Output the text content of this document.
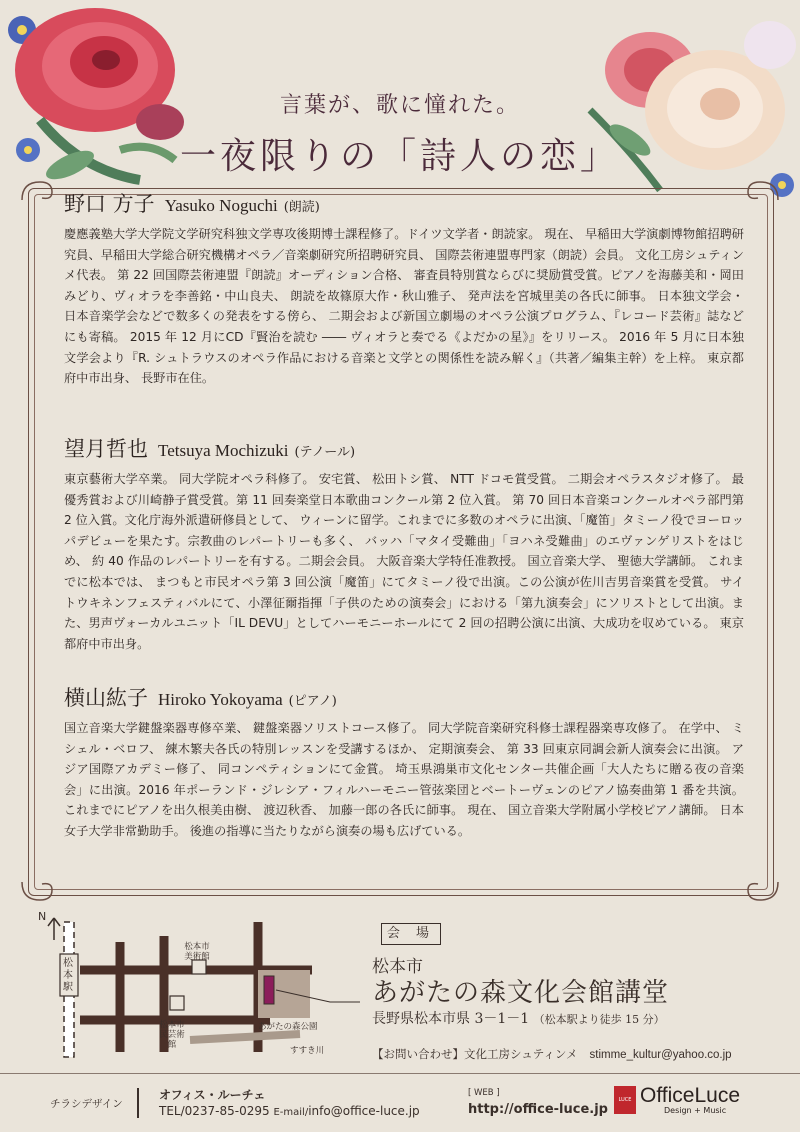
言葉が、歌に憧れた。
一夜限りの「詩人の恋」
野口 方子 Yasuko Noguchi (朗読)
慶應義塾大学大学院文学研究科独文学専攻後期博士課程修了。ドイツ文学者・朗読家。 現在、 早稲田大学演劇博物館招聘研究員、早稲田大学総合研究機構オペラ／音楽劇研究所招聘研究員、 国際芸術連盟専門家（朗読）会員。 文化工房シュティンメ代表。 第 22 回国際芸術連盟『朗読』オーディション合格、 審査員特別賞ならびに奨励賞受賞。ピアノを海藤美和・岡田みどり、ヴィオラを李善銘・中山良夫、 朗読を故篠原大作・秋山雅子、 発声法を宮城里美の各氏に師事。 日本独文学会・日本音楽学会などで数多くの発表をする傍ら、 二期会および新国立劇場のオペラ公演プログラム、『レコード芸術』誌などにも寄稿。 2015 年 12 月にCD『賢治を読む ―― ヴィオラと奏でる《よだかの星》』をリリース。 2016 年 5 月に日本独文学会より『R. シュトラウスのオペラ作品における音楽と文学との関係性を読み解く』（共著／編集主幹）を上梓。 東京都府中市出身、 長野市在住。
望月哲也 Tetsuya Mochizuki (テノール)
東京藝術大学卒業。 同大学院オペラ科修了。 安宅賞、 松田トシ賞、 NTT ドコモ賞受賞。 二期会オペラスタジオ修了。 最優秀賞および川崎静子賞受賞。第 11 回奏楽堂日本歌曲コンクール第 2 位入賞。 第 70 回日本音楽コンクールオペラ部門第 2 位入賞。文化庁海外派遣研修員として、 ウィーンに留学。これまでに多数のオペラに出演、「魔笛」タミーノ役でヨーロッパデビューを果たす。宗教曲のレパートリーも多く、 バッハ「マタイ受難曲」「ヨハネ受難曲」のエヴァンゲリストをはじめ、 約 40 作品のレパートリーを有する。二期会会員。 大阪音楽大学特任准教授。 国立音楽大学、 聖徳大学講師。 これまでに松本では、 まつもと市民オペラ第 3 回公演「魔笛」にてタミーノ役で出演。この公演が佐川吉男音楽賞を受賞。 サイトウキネンフェスティバルにて、小澤征爾指揮「子供のための演奏会」における「第九演奏会」にソリストとして出演。また、男声ヴォーカルユニット「IL DEVU」としてハーモニーホールにて 2 回の招聘公演に出演、大成功を収めている。 東京都府中市出身。
横山紘子 Hiroko Yokoyama (ピアノ)
国立音楽大学鍵盤楽器専修卒業、 鍵盤楽器ソリストコース修了。 同大学院音楽研究科修士課程器楽専攻修了。 在学中、 ミシェル・ベロフ、 練木繁夫各氏の特別レッスンを受講するほか、 定期演奏会、 第 33 回東京同調会新人演奏会に出演。 アジア国際アカデミー修了、 同コンペティションにて金賞。 埼玉県鴻巣市文化センター共催企画「大人たちに贈る夜の音楽会」に出演。2016 年ポーランド・ジレシア・フィルハーモニー管弦楽団とベートーヴェンのピアノ協奏曲第 1 番を共演。これまでにピアノを出久根美由樹、 渡辺秋香、 加藤一郎の各氏に師事。 現在、 国立音楽大学附属小学校ピアノ講師。 日本女子大学非常勤助手。 後進の指導に当たりながら演奏の場も広げている。
N
松本駅
松本市美術館
松本市民芸術館
あがたの森公園
すすき川
会 場
松本市
あがたの森文化会館講堂
長野県松本市県 3－1－1 （松本駅より徒歩 15 分）
【お問い合わせ】文化工房シュティンメ stimme_kultur@yahoo.co.jp
チラシデザイン
オフィス・ルーチェ
TEL/0237-85-0295 E-mail/info@office-luce.jp
[ WEB ]
http://office-luce.jp
LUCE OfficeLuce
Design + Music
